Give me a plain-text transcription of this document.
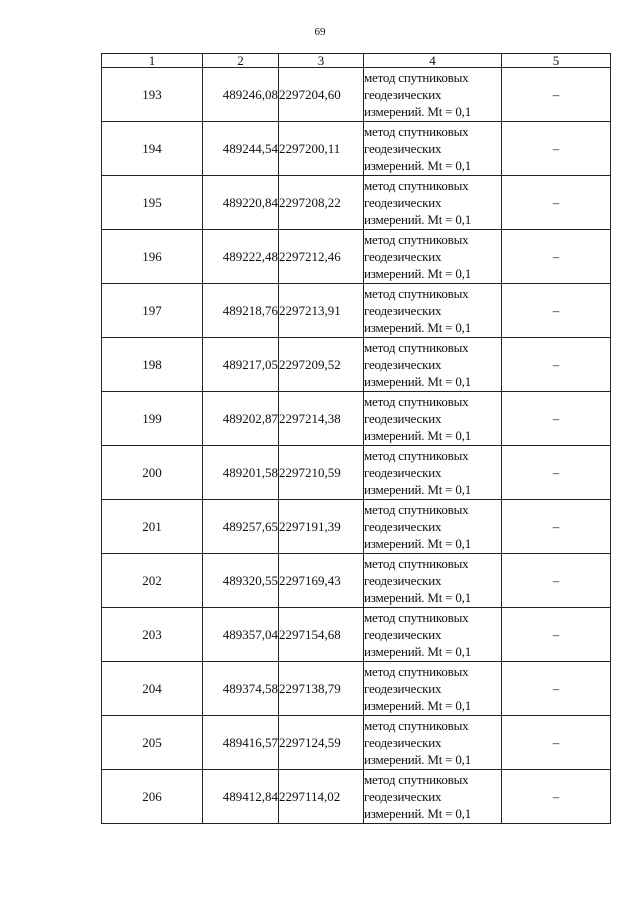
69
1	2	3	4	5
193	489246,08	2297204,60	метод спутниковых
геодезических
измерений. Mt = 0,1	–
194	489244,54	2297200,11	метод спутниковых
геодезических
измерений. Mt = 0,1	–
195	489220,84	2297208,22	метод спутниковых
геодезических
измерений. Mt = 0,1	–
196	489222,48	2297212,46	метод спутниковых
геодезических
измерений. Mt = 0,1	–
197	489218,76	2297213,91	метод спутниковых
геодезических
измерений. Mt = 0,1	–
198	489217,05	2297209,52	метод спутниковых
геодезических
измерений. Mt = 0,1	–
199	489202,87	2297214,38	метод спутниковых
геодезических
измерений. Mt = 0,1	–
200	489201,58	2297210,59	метод спутниковых
геодезических
измерений. Mt = 0,1	–
201	489257,65	2297191,39	метод спутниковых
геодезических
измерений. Mt = 0,1	–
202	489320,55	2297169,43	метод спутниковых
геодезических
измерений. Mt = 0,1	–
203	489357,04	2297154,68	метод спутниковых
геодезических
измерений. Mt = 0,1	–
204	489374,58	2297138,79	метод спутниковых
геодезических
измерений. Mt = 0,1	–
205	489416,57	2297124,59	метод спутниковых
геодезических
измерений. Mt = 0,1	–
206	489412,84	2297114,02	метод спутниковых
геодезических
измерений. Mt = 0,1	–
